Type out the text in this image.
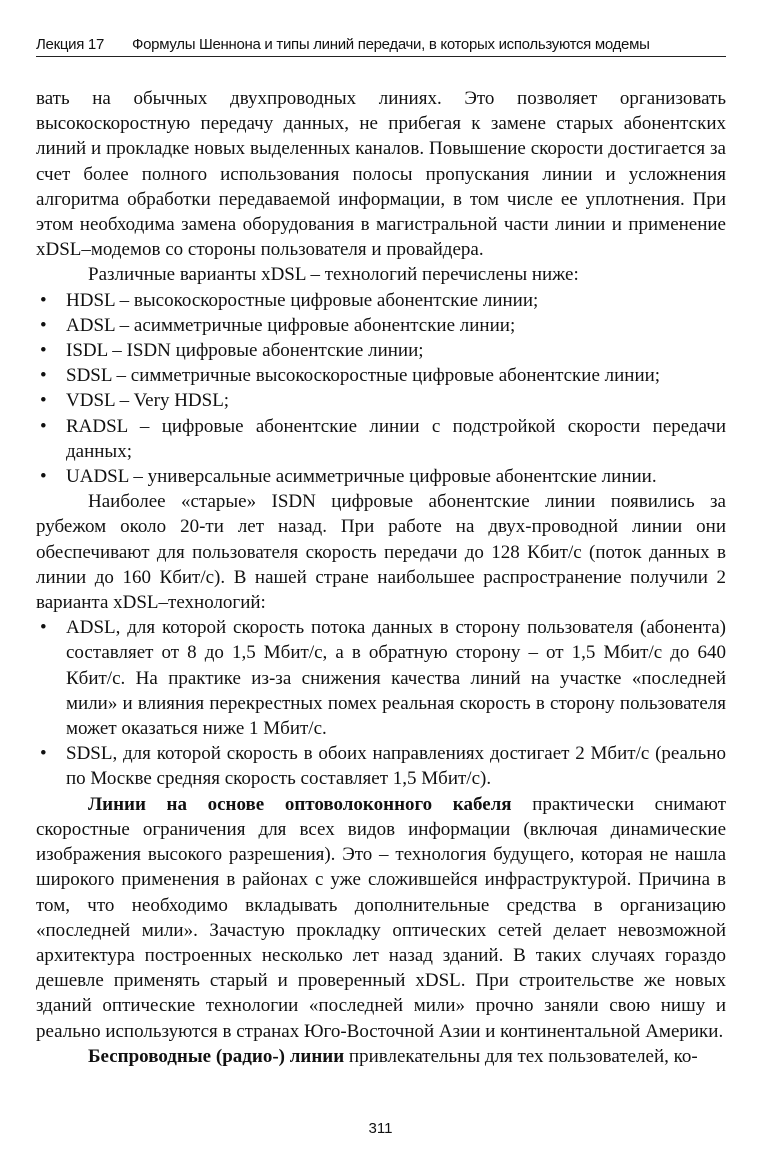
Лекция 17 Формулы Шеннона и типы линий передачи, в которых используются модемы

вать на обычных двухпроводных линиях. Это позволяет организовать высокоскоростную передачу данных, не прибегая к замене старых абонентских линий и прокладке новых выделенных каналов. Повышение скорости достигается за счет более полного использования полосы пропускания линии и усложнения алгоритма обработки передаваемой информации, в том числе ее уплотнения. При этом необходима замена оборудования в магистральной части линии и применение xDSL–модемов со стороны пользователя и провайдера.

Различные варианты xDSL – технологий перечислены ниже:

• HDSL – высокоскоростные цифровые абонентские линии;
• ADSL – асимметричные цифровые абонентские линии;
• ISDL – ISDN цифровые абонентские линии;
• SDSL – симметричные высокоскоростные цифровые абонентские линии;
• VDSL – Very HDSL;
• RADSL – цифровые абонентские линии с подстройкой скорости передачи данных;
• UADSL – универсальные асимметричные цифровые абонентские линии.

Наиболее «старые» ISDN цифровые абонентские линии появились за рубежом около 20-ти лет назад. При работе на двух-проводной линии они обеспечивают для пользователя скорость передачи до 128 Кбит/с (поток данных в линии до 160 Кбит/с). В нашей стране наибольшее распространение получили 2 варианта xDSL–технологий:

• ADSL, для которой скорость потока данных в сторону пользователя (абонента) составляет от 8 до 1,5 Мбит/с, а в обратную сторону – от 1,5 Мбит/с до 640 Кбит/с. На практике из-за снижения качества линий на участке «последней мили» и влияния перекрестных помех реальная скорость в сторону пользователя может оказаться ниже 1 Мбит/с.
• SDSL, для которой скорость в обоих направлениях достигает 2 Мбит/с (реально по Москве средняя скорость составляет 1,5 Мбит/с).

Линии на основе оптоволоконного кабеля практически снимают скоростные ограничения для всех видов информации (включая динамические изображения высокого разрешения). Это – технология будущего, которая не нашла широкого применения в районах с уже сложившейся инфраструктурой. Причина в том, что необходимо вкладывать дополнительные средства в организацию «последней мили». Зачастую прокладку оптических сетей делает невозможной архитектура построенных несколько лет назад зданий. В таких случаях гораздо дешевле применять старый и проверенный xDSL. При строительстве же новых зданий оптические технологии «последней мили» прочно заняли свою нишу и реально используются в странах Юго-Восточной Азии и континентальной Америки.

Беспроводные (радио-) линии привлекательны для тех пользователей, ко-

311
